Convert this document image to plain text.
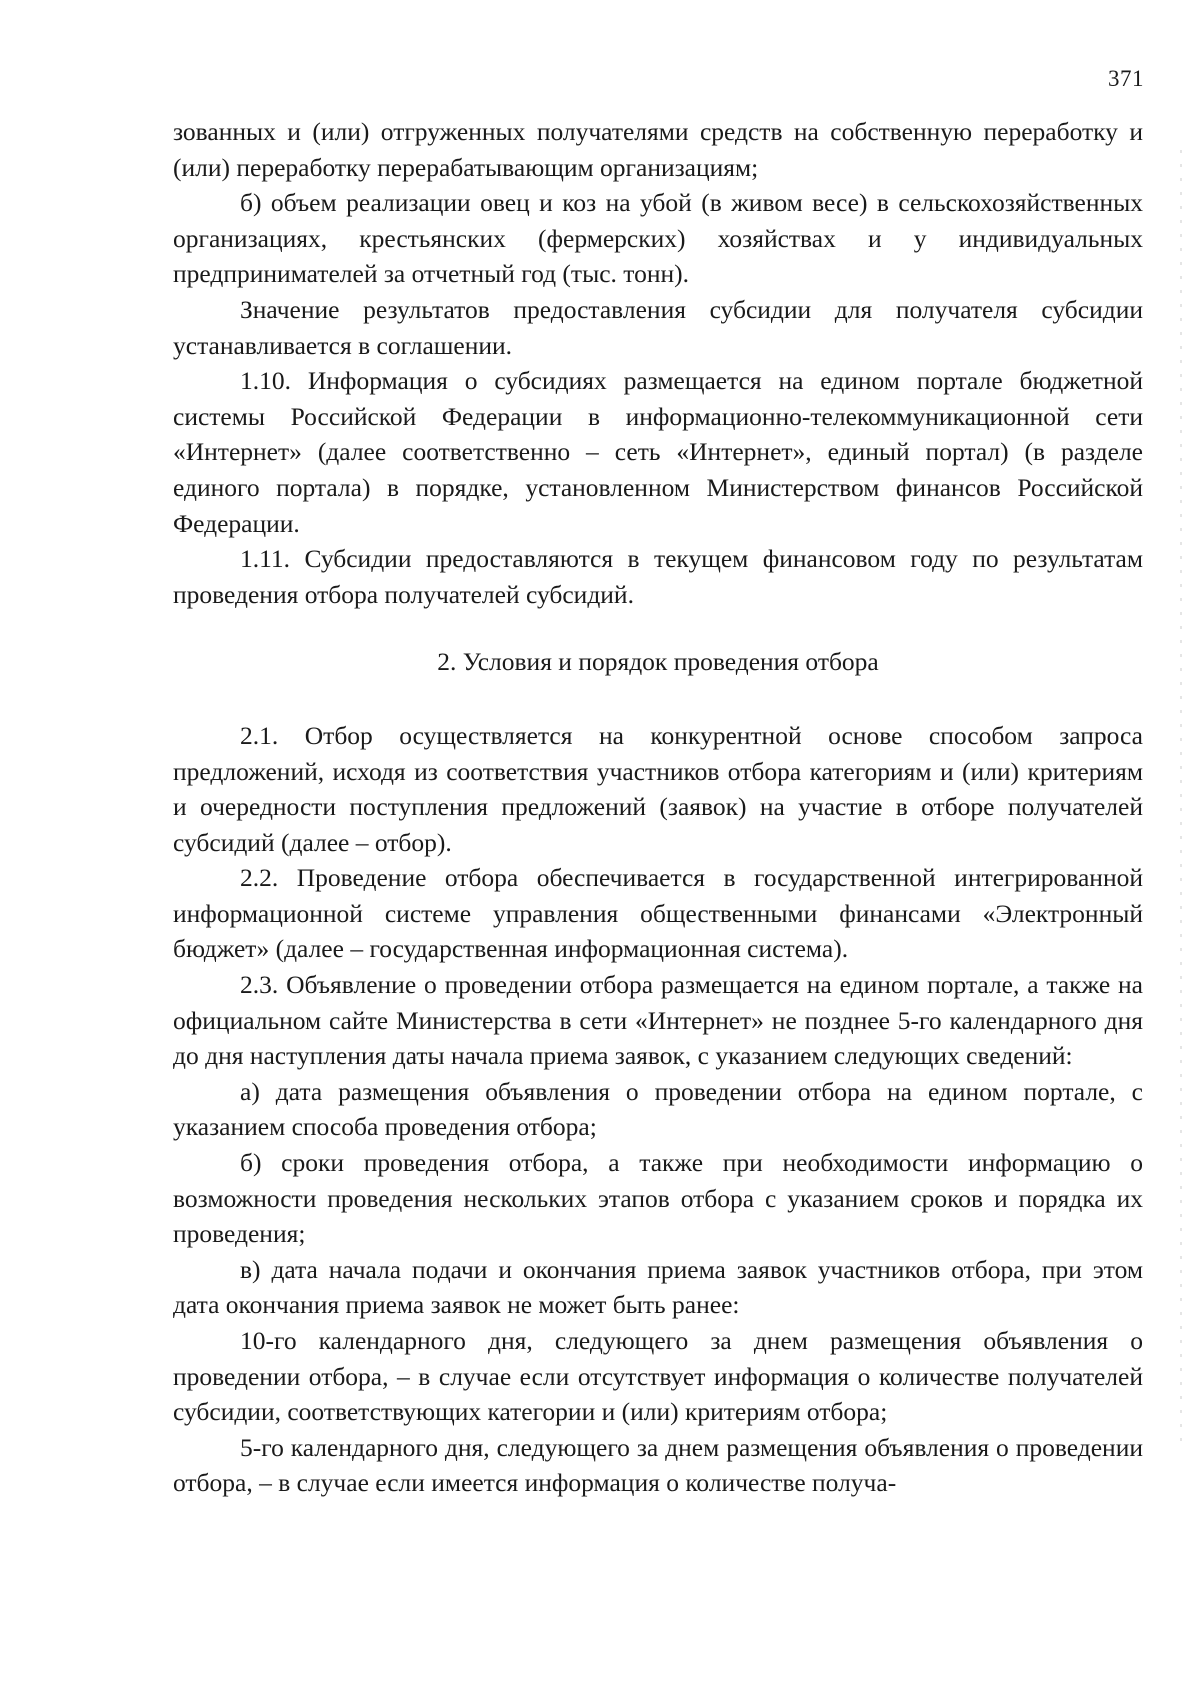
371

зованных и (или) отгруженных получателями средств на собственную переработку и (или) переработку перерабатывающим организациям;

б) объем реализации овец и коз на убой (в живом весе) в сельскохозяйственных организациях, крестьянских (фермерских) хозяйствах и у индивидуальных предпринимателей за отчетный год (тыс. тонн).

Значение результатов предоставления субсидии для получателя субсидии устанавливается в соглашении.

1.10. Информация о субсидиях размещается на едином портале бюджетной системы Российской Федерации в информационно-телекоммуникационной сети «Интернет» (далее соответственно – сеть «Интернет», единый портал) (в разделе единого портала) в порядке, установленном Министерством финансов Российской Федерации.

1.11. Субсидии предоставляются в текущем финансовом году по результатам проведения отбора получателей субсидий.

2. Условия и порядок проведения отбора

2.1. Отбор осуществляется на конкурентной основе способом запроса предложений, исходя из соответствия участников отбора категориям и (или) критериям и очередности поступления предложений (заявок) на участие в отборе получателей субсидий (далее – отбор).

2.2. Проведение отбора обеспечивается в государственной интегрированной информационной системе управления общественными финансами «Электронный бюджет» (далее – государственная информационная система).

2.3. Объявление о проведении отбора размещается на едином портале, а также на официальном сайте Министерства в сети «Интернет» не позднее 5-го календарного дня до дня наступления даты начала приема заявок, с указанием следующих сведений:

а) дата размещения объявления о проведении отбора на едином портале, с указанием способа проведения отбора;

б) сроки проведения отбора, а также при необходимости информацию о возможности проведения нескольких этапов отбора с указанием сроков и порядка их проведения;

в) дата начала подачи и окончания приема заявок участников отбора, при этом дата окончания приема заявок не может быть ранее:

10-го календарного дня, следующего за днем размещения объявления о проведении отбора, – в случае если отсутствует информация о количестве получателей субсидии, соответствующих категории и (или) критериям отбора;

5-го календарного дня, следующего за днем размещения объявления о проведении отбора, – в случае если имеется информация о количестве получа-
